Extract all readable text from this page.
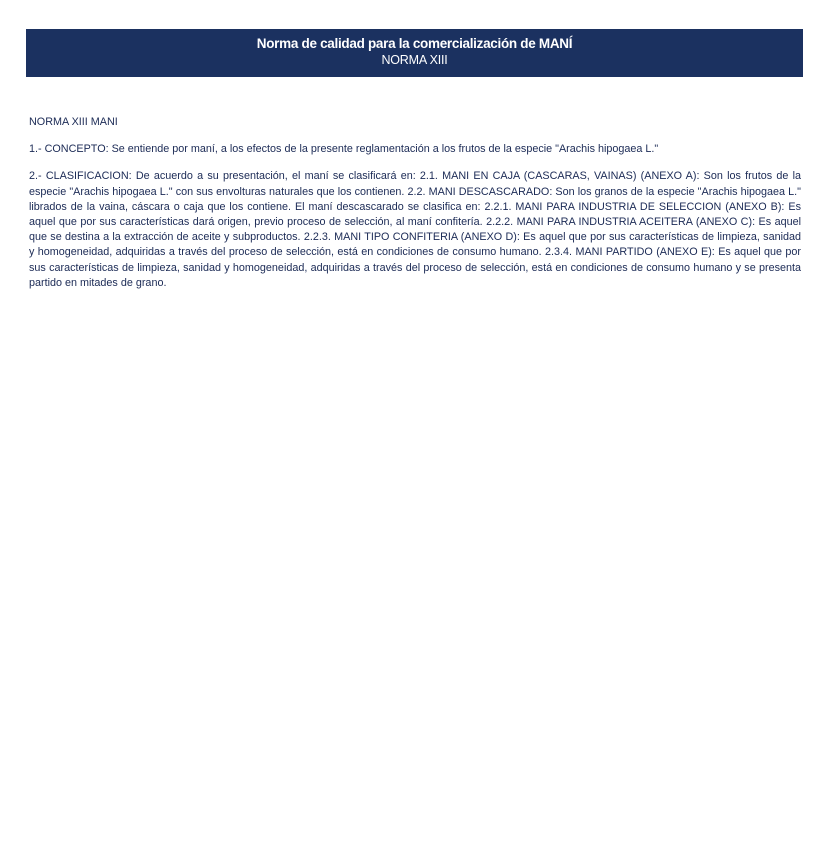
Norma de calidad para la comercialización de MANÍ
NORMA XIII

NORMA XIII MANI

1.- CONCEPTO: Se entiende por maní, a los efectos de la presente reglamentación a los frutos de la especie "Arachis hipogaea L."

2.- CLASIFICACION: De acuerdo a su presentación, el maní se clasificará en: 2.1. MANI EN CAJA (CASCARAS, VAINAS) (ANEXO A): Son los frutos de la especie "Arachis hipogaea L." con sus envolturas naturales que los contienen. 2.2. MANI DESCASCARADO: Son los granos de la especie "Arachis hipogaea L." librados de la vaina, cáscara o caja que los contiene. El maní descascarado se clasifica en: 2.2.1. MANI PARA INDUSTRIA DE SELECCION (ANEXO B): Es aquel que por sus características dará origen, previo proceso de selección, al maní confitería. 2.2.2. MANI PARA INDUSTRIA ACEITERA (ANEXO C): Es aquel que se destina a la extracción de aceite y subproductos. 2.2.3. MANI TIPO CONFITERIA (ANEXO D): Es aquel que por sus características de limpieza, sanidad y homogeneidad, adquiridas a través del proceso de selección, está en condiciones de consumo humano. 2.3.4. MANI PARTIDO (ANEXO E): Es aquel que por sus características de limpieza, sanidad y homogeneidad, adquiridas a través del proceso de selección, está en condiciones de consumo humano y se presenta partido en mitades de grano.
